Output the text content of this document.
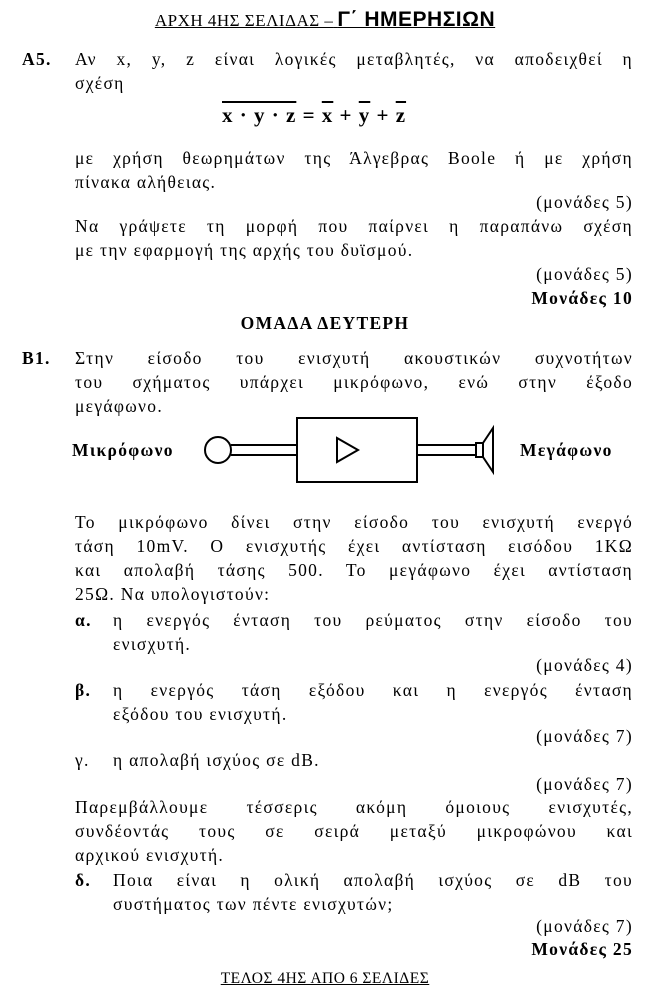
ΑΡΧΗ 4ΗΣ ΣΕΛΙΔΑΣ – Γ΄ ΗΜΕΡΗΣΙΩΝ
Α5. Αν x, y, z είναι λογικές μεταβλητές, να αποδειχθεί η
σχέση
$x \cdot y \cdot z = \overline{x} + \overline{y} + \overline{z}$
με χρήση θεωρημάτων της Άλγεβρας Boole ή με χρήση
πίνακα αλήθειας.
(μονάδες 5)
Να γράψετε τη μορφή που παίρνει η παραπάνω σχέση
με την εφαρμογή της αρχής του δυϊσμού.
(μονάδες 5)
Μονάδες 10
ΟΜΑΔΑ ΔΕΥΤΕΡΗ
Β1. Στην είσοδο του ενισχυτή ακουστικών συχνοτήτων
του σχήματος υπάρχει μικρόφωνο, ενώ στην έξοδο
μεγάφωνο.
Μικρόφωνο	Μεγάφωνο
Το μικρόφωνο δίνει στην είσοδο του ενισχυτή ενεργό
τάση 10mV. Ο ενισχυτής έχει αντίσταση εισόδου 1ΚΩ
και απολαβή τάσης 500. Το μεγάφωνο έχει αντίσταση
25Ω. Να υπολογιστούν:
α. η ενεργός ένταση του ρεύματος στην είσοδο του
ενισχυτή.
(μονάδες 4)
β. η ενεργός τάση εξόδου και η ενεργός ένταση
εξόδου του ενισχυτή.
(μονάδες 7)
γ. η απολαβή ισχύος σε dB.
(μονάδες 7)
Παρεμβάλλουμε τέσσερις ακόμη όμοιους ενισχυτές,
συνδέοντάς τους σε σειρά μεταξύ μικροφώνου και
αρχικού ενισχυτή.
δ. Ποια είναι η ολική απολαβή ισχύος σε dB του
συστήματος των πέντε ενισχυτών;
(μονάδες 7)
Μονάδες 25
ΤΕΛΟΣ 4ΗΣ ΑΠΟ 6 ΣΕΛΙΔΕΣ
